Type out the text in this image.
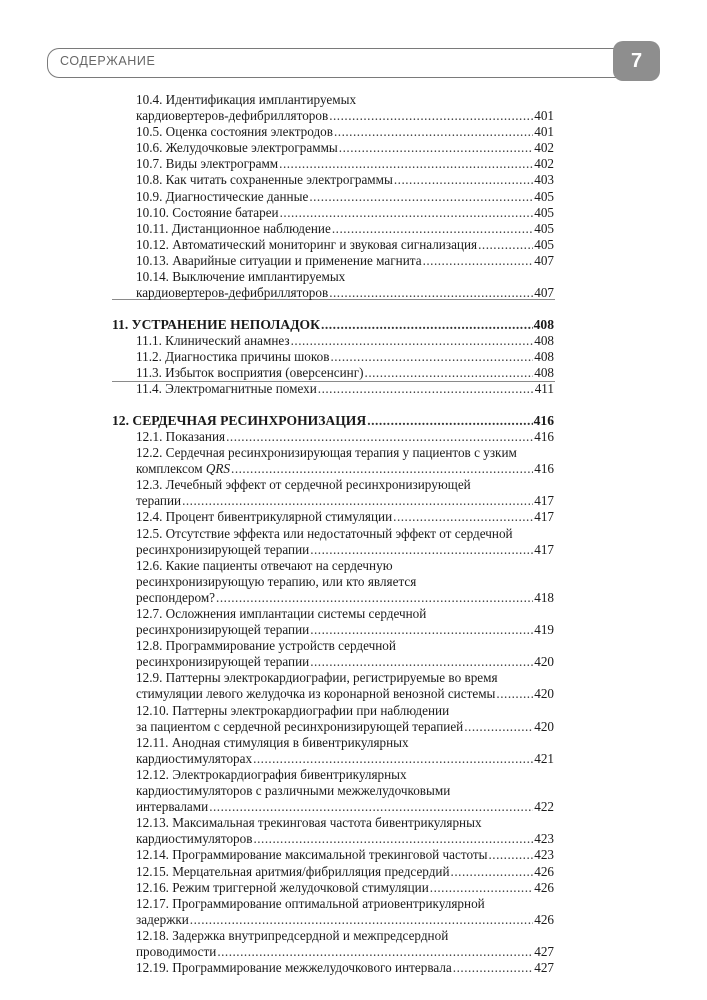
СОДЕРЖАНИЕ	7
10.4. Идентификация имплантируемых
кардиовертеров-дефибрилляторов .....	401
10.5. Оценка состояния электродов .....	401
10.6. Желудочковые электрограммы .....	402
10.7. Виды электрограмм .....	402
10.8. Как читать сохраненные электрограммы .....	403
10.9. Диагностические данные .....	405
10.10. Состояние батареи .....	405
10.11. Дистанционное наблюдение .....	405
10.12. Автоматический мониторинг и звуковая сигнализация .....	405
10.13. Аварийные ситуации и применение магнита .....	407
10.14. Выключение имплантируемых
кардиовертеров-дефибрилляторов .....	407
11. УСТРАНЕНИЕ НЕПОЛАДОК .....	408
11.1. Клинический анамнез .....	408
11.2. Диагностика причины шоков .....	408
11.3. Избыток восприятия (оверсенсинг) .....	408
11.4. Электромагнитные помехи .....	411
12. СЕРДЕЧНАЯ РЕСИНХРОНИЗАЦИЯ .....	416
12.1. Показания .....	416
12.2. Сердечная ресинхронизирующая терапия у пациентов с узким
комплексом QRS .....	416
12.3. Лечебный эффект от сердечной ресинхронизирующей
терапии .....	417
12.4. Процент бивентрикулярной стимуляции .....	417
12.5. Отсутствие эффекта или недостаточный эффект от сердечной
ресинхронизирующей терапии .....	417
12.6. Какие пациенты отвечают на сердечную
ресинхронизирующую терапию, или кто является
респондером? .....	418
12.7. Осложнения имплантации системы сердечной
ресинхронизирующей терапии .....	419
12.8. Программирование устройств сердечной
ресинхронизирующей терапии .....	420
12.9. Паттерны электрокардиографии, регистрируемые во время
стимуляции левого желудочка из коронарной венозной системы .....	420
12.10. Паттерны электрокардиографии при наблюдении
за пациентом с сердечной ресинхронизирующей терапией .....	420
12.11. Анодная стимуляция в бивентрикулярных
кардиостимуляторах .....	421
12.12. Электрокардиография бивентрикулярных
кардиостимуляторов с различными межжелудочковыми
интервалами .....	422
12.13. Максимальная трекинговая частота бивентрикулярных
кардиостимуляторов .....	423
12.14. Программирование максимальной трекинговой частоты .....	423
12.15. Мерцательная аритмия/фибрилляция предсердий .....	426
12.16. Режим триггерной желудочковой стимуляции .....	426
12.17. Программирование оптимальной атриовентрикулярной
задержки .....	426
12.18. Задержка внутрипредсердной и межпредсердной
проводимости .....	427
12.19. Программирование межжелудочкового интервала .....	427
